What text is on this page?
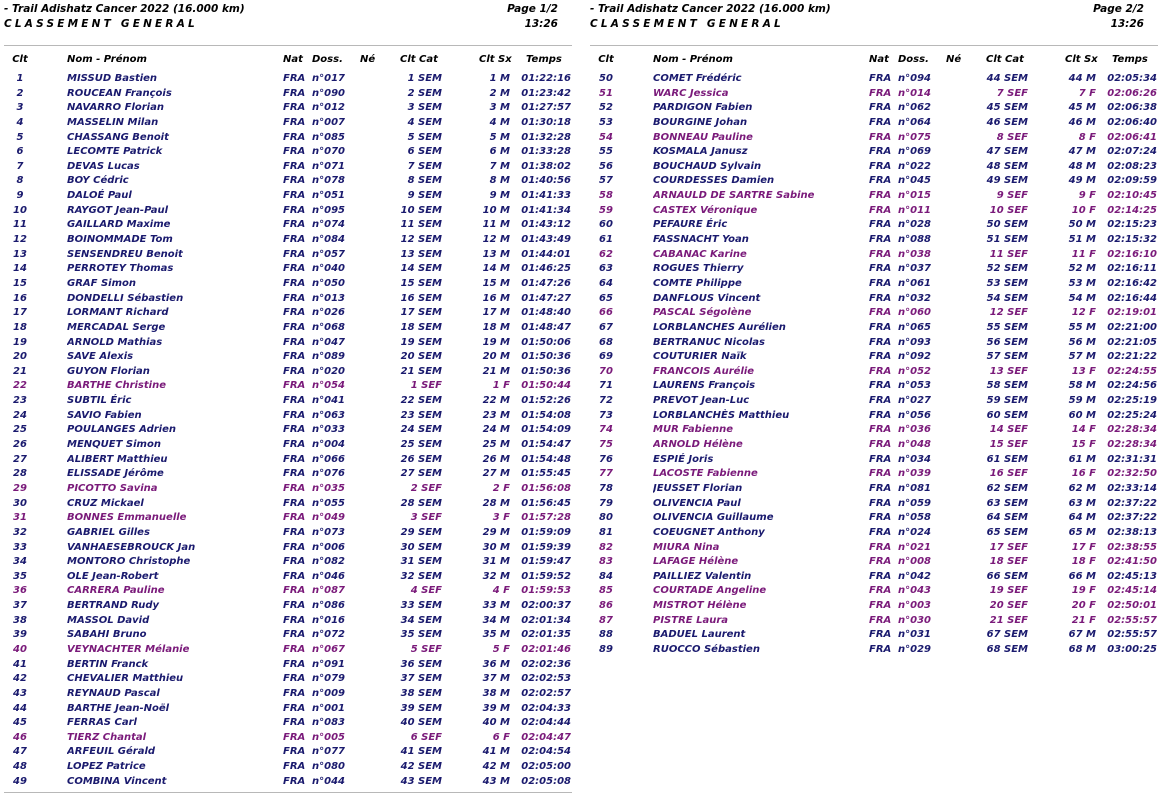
- Trail Adishatz Cancer 2022 (16.000 km)
CLASSEMENT GENERAL
Page 1/2
13:26
Clt	Nom - Prénom	Nat Doss.	Né	Clt Cat	Clt Sx	Temps
1	MISSUD Bastien	FRA n°017	1 SEM	1 M	01:22:16
2	ROUCEAN François	FRA n°090	2 SEM	2 M	01:23:42
3	NAVARRO Florian	FRA n°012	3 SEM	3 M	01:27:57
4	MASSELIN Milan	FRA n°007	4 SEM	4 M	01:30:18
5	CHASSANG Benoit	FRA n°085	5 SEM	5 M	01:32:28
6	LECOMTE Patrick	FRA n°070	6 SEM	6 M	01:33:28
7	DEVAS Lucas	FRA n°071	7 SEM	7 M	01:38:02
8	BOY Cédric	FRA n°078	8 SEM	8 M	01:40:56
9	DALOÉ Paul	FRA n°051	9 SEM	9 M	01:41:33
10	RAYGOT Jean-Paul	FRA n°095	10 SEM	10 M	01:41:34
11	GAILLARD Maxime	FRA n°074	11 SEM	11 M	01:43:12
12	BOINOMMADE Tom	FRA n°084	12 SEM	12 M	01:43:49
13	SENSENDREU Benoit	FRA n°057	13 SEM	13 M	01:44:01
14	PERROTEY Thomas	FRA n°040	14 SEM	14 M	01:46:25
15	GRAF Simon	FRA n°050	15 SEM	15 M	01:47:26
16	DONDELLI Sébastien	FRA n°013	16 SEM	16 M	01:47:27
17	LORMANT Richard	FRA n°026	17 SEM	17 M	01:48:40
18	MERCADAL Serge	FRA n°068	18 SEM	18 M	01:48:47
19	ARNOLD Mathias	FRA n°047	19 SEM	19 M	01:50:06
20	SAVE Alexis	FRA n°089	20 SEM	20 M	01:50:36
21	GUYON Florian	FRA n°020	21 SEM	21 M	01:50:36
22	BARTHE Christine	FRA n°054	1 SEF	1 F	01:50:44
23	SUBTIL Éric	FRA n°041	22 SEM	22 M	01:52:26
24	SAVIO Fabien	FRA n°063	23 SEM	23 M	01:54:08
25	POULANGES Adrien	FRA n°033	24 SEM	24 M	01:54:09
26	MENQUET Simon	FRA n°004	25 SEM	25 M	01:54:47
27	ALIBERT Matthieu	FRA n°066	26 SEM	26 M	01:54:48
28	ELISSADE Jérôme	FRA n°076	27 SEM	27 M	01:55:45
29	PICOTTO Savina	FRA n°035	2 SEF	2 F	01:56:08
30	CRUZ Mickael	FRA n°055	28 SEM	28 M	01:56:45
31	BONNES Emmanuelle	FRA n°049	3 SEF	3 F	01:57:28
32	GABRIEL Gilles	FRA n°073	29 SEM	29 M	01:59:09
33	VANHAESEBROUCK Jan	FRA n°006	30 SEM	30 M	01:59:39
34	MONTORO Christophe	FRA n°082	31 SEM	31 M	01:59:47
35	OLE Jean-Robert	FRA n°046	32 SEM	32 M	01:59:52
36	CARRERA Pauline	FRA n°087	4 SEF	4 F	01:59:53
37	BERTRAND Rudy	FRA n°086	33 SEM	33 M	02:00:37
38	MASSOL David	FRA n°016	34 SEM	34 M	02:01:34
39	SABAHI Bruno	FRA n°072	35 SEM	35 M	02:01:35
40	VEYNACHTER Mélanie	FRA n°067	5 SEF	5 F	02:01:46
41	BERTIN Franck	FRA n°091	36 SEM	36 M	02:02:36
42	CHEVALIER Matthieu	FRA n°079	37 SEM	37 M	02:02:53
43	REYNAUD Pascal	FRA n°009	38 SEM	38 M	02:02:57
44	BARTHE Jean-Noël	FRA n°001	39 SEM	39 M	02:04:33
45	FERRAS Carl	FRA n°083	40 SEM	40 M	02:04:44
46	TIERZ Chantal	FRA n°005	6 SEF	6 F	02:04:47
47	ARFEUIL Gérald	FRA n°077	41 SEM	41 M	02:04:54
48	LOPEZ Patrice	FRA n°080	42 SEM	42 M	02:05:00
49	COMBINA Vincent	FRA n°044	43 SEM	43 M	02:05:08
- Trail Adishatz Cancer 2022 (16.000 km)
CLASSEMENT GENERAL
Page 2/2
13:26
Clt	Nom - Prénom	Nat Doss.	Né	Clt Cat	Clt Sx	Temps
50	COMET Frédéric	FRA n°094	44 SEM	44 M	02:05:34
51	WARC Jessica	FRA n°014	7 SEF	7 F	02:06:26
52	PARDIGON Fabien	FRA n°062	45 SEM	45 M	02:06:38
53	BOURGINE Johan	FRA n°064	46 SEM	46 M	02:06:40
54	BONNEAU Pauline	FRA n°075	8 SEF	8 F	02:06:41
55	KOSMALA Janusz	FRA n°069	47 SEM	47 M	02:07:24
56	BOUCHAUD Sylvain	FRA n°022	48 SEM	48 M	02:08:23
57	COURDESSES Damien	FRA n°045	49 SEM	49 M	02:09:59
58	ARNAULD DE SARTRE Sabine	FRA n°015	9 SEF	9 F	02:10:45
59	CASTEX Véronique	FRA n°011	10 SEF	10 F	02:14:25
60	PEFAURE Éric	FRA n°028	50 SEM	50 M	02:15:23
61	FASSNACHT Yoan	FRA n°088	51 SEM	51 M	02:15:32
62	CABANAC Karine	FRA n°038	11 SEF	11 F	02:16:10
63	ROGUES Thierry	FRA n°037	52 SEM	52 M	02:16:11
64	COMTE Philippe	FRA n°061	53 SEM	53 M	02:16:42
65	DANFLOUS Vincent	FRA n°032	54 SEM	54 M	02:16:44
66	PASCAL Ségolène	FRA n°060	12 SEF	12 F	02:19:01
67	LORBLANCHES Aurélien	FRA n°065	55 SEM	55 M	02:21:00
68	BERTRANUC Nicolas	FRA n°093	56 SEM	56 M	02:21:05
69	COUTURIER Naïk	FRA n°092	57 SEM	57 M	02:21:22
70	FRANCOIS Aurélie	FRA n°052	13 SEF	13 F	02:24:55
71	LAURENS François	FRA n°053	58 SEM	58 M	02:24:56
72	PREVOT Jean-Luc	FRA n°027	59 SEM	59 M	02:25:19
73	LORBLANCHÈS Matthieu	FRA n°056	60 SEM	60 M	02:25:24
74	MUR Fabienne	FRA n°036	14 SEF	14 F	02:28:34
75	ARNOLD Hélène	FRA n°048	15 SEF	15 F	02:28:34
76	ESPIÉ Joris	FRA n°034	61 SEM	61 M	02:31:31
77	LACOSTE Fabienne	FRA n°039	16 SEF	16 F	02:32:50
78	JEUSSET Florian	FRA n°081	62 SEM	62 M	02:33:14
79	OLIVENCIA Paul	FRA n°059	63 SEM	63 M	02:37:22
80	OLIVENCIA Guillaume	FRA n°058	64 SEM	64 M	02:37:22
81	COEUGNET Anthony	FRA n°024	65 SEM	65 M	02:38:13
82	MIURA Nina	FRA n°021	17 SEF	17 F	02:38:55
83	LAFAGE Hélène	FRA n°008	18 SEF	18 F	02:41:50
84	PAILLIEZ Valentin	FRA n°042	66 SEM	66 M	02:45:13
85	COURTADE Angeline	FRA n°043	19 SEF	19 F	02:45:14
86	MISTROT Hélène	FRA n°003	20 SEF	20 F	02:50:01
87	PISTRE Laura	FRA n°030	21 SEF	21 F	02:55:57
88	BADUEL Laurent	FRA n°031	67 SEM	67 M	02:55:57
89	RUOCCO Sébastien	FRA n°029	68 SEM	68 M	03:00:25
